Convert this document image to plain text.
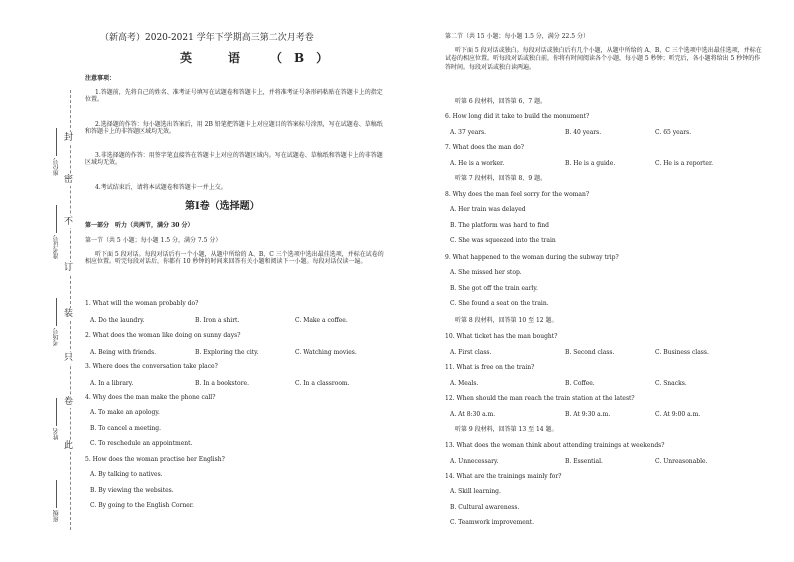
封
密
不
订
装
只
卷
此
座位号
准考证号
考场号
姓名
班级
（新高考）2020-2021 学年下学期高三第二次月考卷
英　语　（B）
注意事项：
1.答题前，先将自己的姓名、准考证号填写在试题卷和答题卡上，并将准考证号条形码粘贴在答题卡上的指定位置。
2.选择题的作答：每小题选出答案后，用 2B 铅笔把答题卡上对应题目的答案标号涂黑，写在试题卷、草稿纸和答题卡上的非答题区域均无效。
3.非选择题的作答：用签字笔直接答在答题卡上对应的答题区域内。写在试题卷、草稿纸和答题卡上的非答题区域均无效。
4.考试结束后，请将本试题卷和答题卡一并上交。
第Ⅰ卷（选择题）
第一部分　听力（共两节，满分 30 分）
第一节（共 5 小题；每小题 1.5 分，满分 7.5 分）
听下面 5 段对话。每段对话后有一个小题，从题中所给的 A、B、C 三个选项中选出最佳选项，并标在试卷的相应位置。听完每段对话后，你都有 10 秒钟的时间来回答有关小题和阅读下一小题。每段对话仅读一遍。
1. What will the woman probably do?
A. Do the laundry.	B. Iron a shirt.	C. Make a coffee.
2. What does the woman like doing on sunny days?
A. Being with friends.	B. Exploring the city.	C. Watching movies.
3. Where does the conversation take place?
A. In a library.	B. In a bookstore.	C. In a classroom.
4. Why does the man make the phone call?
A. To make an apology.
B. To cancel a meeting.
C. To reschedule an appointment.
5. How does the woman practise her English?
A. By talking to natives.
B. By viewing the websites.
C. By going to the English Corner.
第二节（共 15 小题；每小题 1.5 分，满分 22.5 分）
听下面 5 段对话或独白。每段对话或独白后有几个小题，从题中所给的 A、B、C 三个选项中选出最佳选项，并标在试卷的相应位置。听每段对话或独白前，你将有时间阅读各个小题，每小题 5 秒钟；听完后，各小题将给出 5 秒钟的作答时间。每段对话或独白读两遍。
6. How long did it take to build the monument?
A. 37 years.	B. 40 years.	C. 65 years.
7. What does the man do?
A. He is a worker.	B. He is a guide.	C. He is a reporter.
8. Why does the man feel sorry for the woman?
A. Her train was delayed
B. The platform was hard to find
C. She was squeezed into the train
9. What happened to the woman during the subway trip?
A. She missed her stop.
B. She got off the train early.
C. She found a seat on the train.
10. What ticket has the man bought?
A. First class.	B. Second class.	C. Business class.
11. What is free on the train?
A. Meals.	B. Coffee.	C. Snacks.
12. When should the man reach the train station at the latest?
A. At 8:30 a.m.	B. At 9:30 a.m.	C. At 9:00 a.m.
13. What does the woman think about attending trainings at weekends?
A. Unnecessary.	B. Essential.	C. Unreasonable.
14. What are the trainings mainly for?
A. Skill learning.
B. Cultural awareness.
C. Teamwork improvement.
听第 6 段材料，回答第 6、7 题。
听第 7 段材料，回答第 8、9 题。
听第 8 段材料，回答第 10 至 12 题。
听第 9 段材料，回答第 13 至 14 题。
